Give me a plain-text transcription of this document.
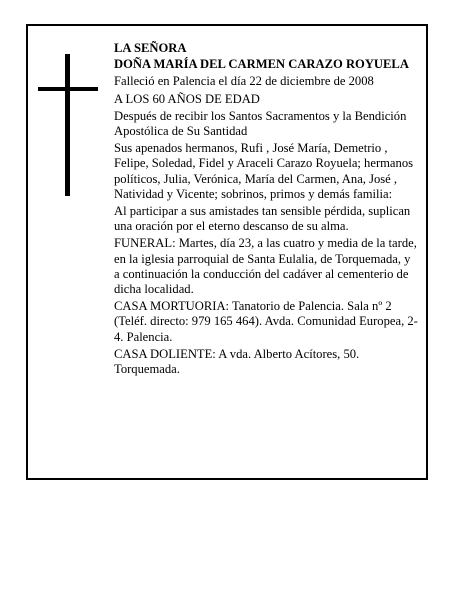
LA SEÑORA

DOÑA MARÍA DEL CARMEN CARAZO ROYUELA

Falleció en Palencia el día 22 de diciembre de 2008

A LOS 60 AÑOS DE EDAD

Después de recibir los Santos Sacramentos y la Bendición Apostólica de Su Santidad

Sus apenados hermanos, Rufi , José María, Demetrio , Felipe, Soledad, Fidel y Araceli Carazo Royuela; hermanos políticos, Julia, Verónica, María del Carmen, Ana, José , Natividad y Vicente; sobrinos, primos y demás familia:

Al participar a sus amistades tan sensible pérdida, suplican una oración por el eterno descanso de su alma.

FUNERAL: Martes, día 23, a las cuatro y media de la tarde, en la iglesia parroquial de Santa Eulalia, de Torquemada, y a continuación la conducción del cadáver al cementerio de dicha localidad.

CASA MORTUORIA: Tanatorio de Palencia. Sala nº 2 (Teléf. directo: 979 165 464). Avda. Comunidad Europea, 2-4. Palencia.

CASA DOLIENTE: A vda. Alberto Acítores, 50. Torquemada.
